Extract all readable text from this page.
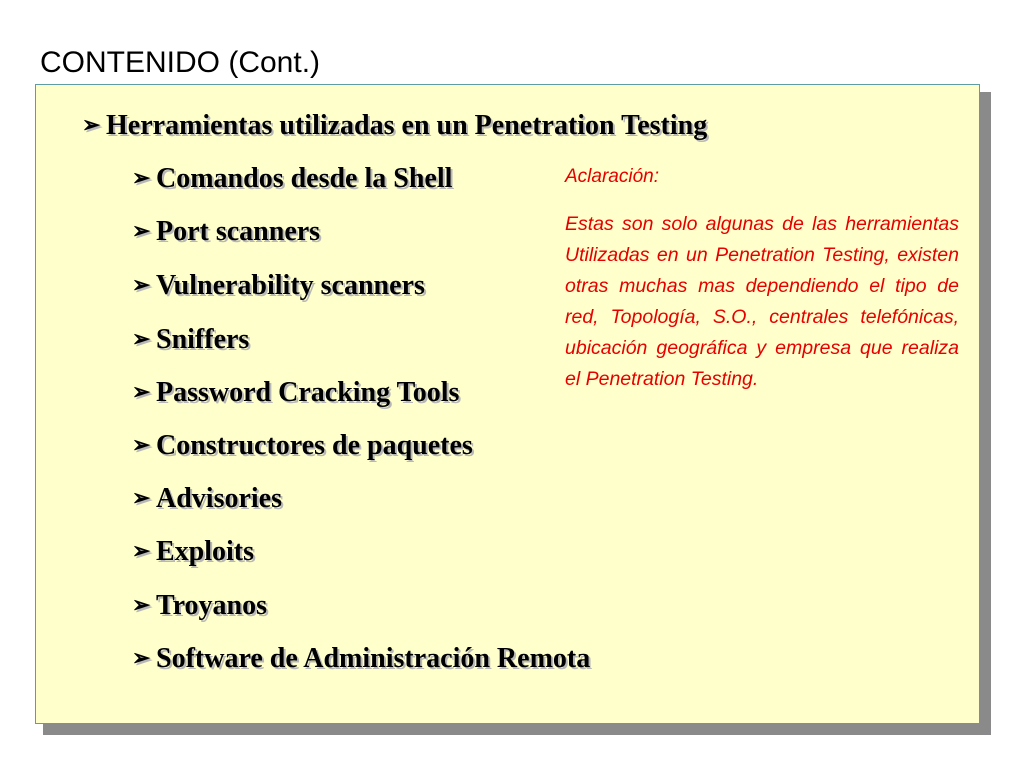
CONTENIDO (Cont.)
➢ Herramientas utilizadas en un Penetration Testing
➢ Comandos desde la Shell
➢ Port scanners
➢ Vulnerability scanners
➢ Sniffers
➢ Password Cracking Tools
➢ Constructores de paquetes
➢ Advisories
➢ Exploits
➢ Troyanos
➢ Software de Administración Remota
Aclaración:
Estas son solo algunas de las herramientas Utilizadas en un Penetration Testing, existen otras muchas mas dependiendo el tipo de red, Topología, S.O., centrales telefónicas, ubicación geográfica y empresa que realiza el Penetration Testing.
